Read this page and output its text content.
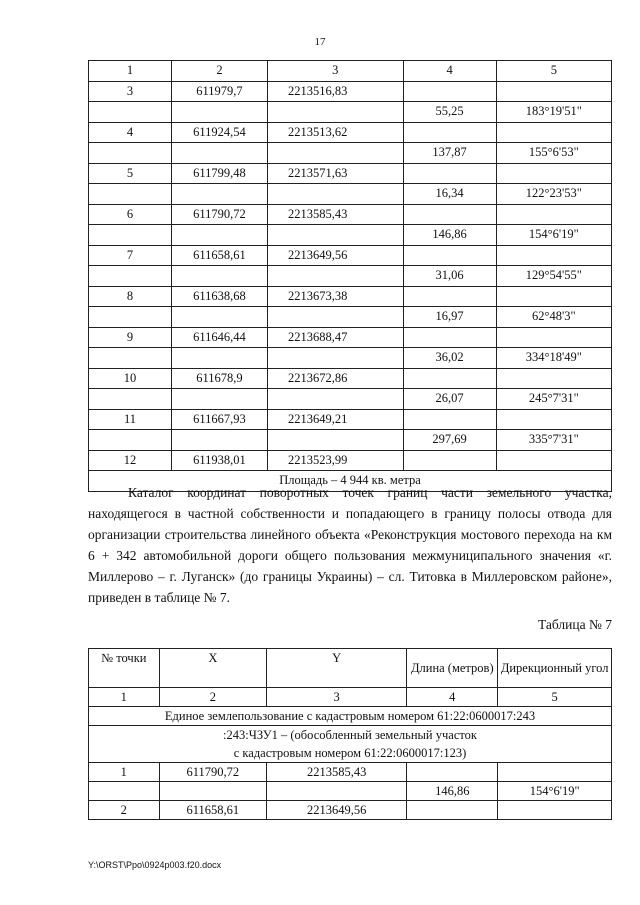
17
1	2	3	4	5
3	611979,7	2213516,83		
			55,25	183°19'51"
4	611924,54	2213513,62		
			137,87	155°6'53"
5	611799,48	2213571,63		
			16,34	122°23'53"
6	611790,72	2213585,43		
			146,86	154°6'19"
7	611658,61	2213649,56		
			31,06	129°54'55"
8	611638,68	2213673,38		
			16,97	62°48'3"
9	611646,44	2213688,47		
			36,02	334°18'49"
10	611678,9	2213672,86		
			26,07	245°7'31"
11	611667,93	2213649,21		
			297,69	335°7'31"
12	611938,01	2213523,99		
Площадь – 4 944 кв. метра				

Каталог координат поворотных точек границ части земельного участка, находящегося в частной собственности и попадающего в границу полосы отвода для организации строительства линейного объекта «Реконструкция мостового перехода на км 6 + 342 автомобильной дороги общего пользования межмуниципального значения «г. Миллерово – г. Луганск» (до границы Украины) – сл. Титовка в Миллеровском районе», приведен в таблице № 7.

Таблица № 7
№ точки	X	Y	Длина (метров)	Дирекционный угол
1	2	3	4	5
Единое землепользование с кадастровым номером 61:22:0600017:243				

:243:ЧЗУ1 – (обособленный земельный участок
с кадастровым номером 61:22:0600017:123)				

1	611790,72	2213585,43		
			146,86	154°6'19"
2	611658,61	2213649,56		
Y:\ORST\Ppo\0924p003.f20.docx
